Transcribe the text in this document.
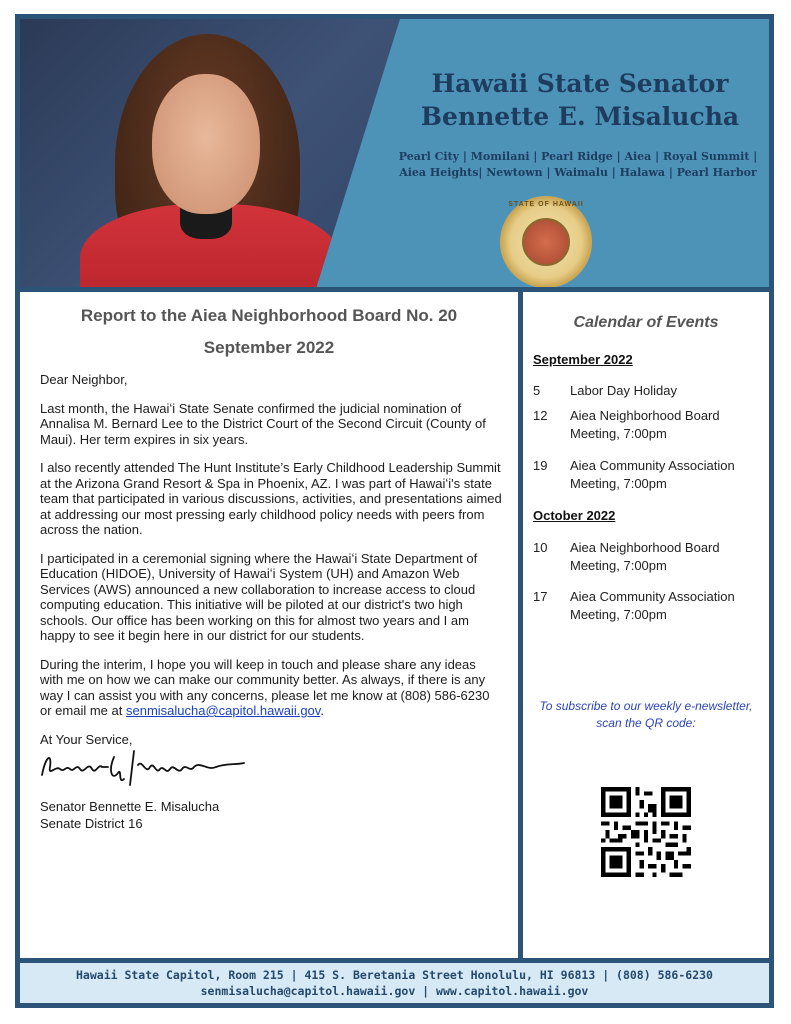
Hawaii State Senator
Bennette E. Misalucha
Pearl City | Momilani | Pearl Ridge | Aiea | Royal Summit |
Aiea Heights| Newtown | Waimalu | Halawa | Pearl Harbor
STATE OF HAWAII
Report to the Aiea Neighborhood Board No. 20
September 2022

Dear Neighbor,

Last month, the Hawaiʻi State Senate confirmed the judicial nomination of Annalisa M. Bernard Lee to the District Court of the Second Circuit (County of Maui). Her term expires in six years.

I also recently attended The Hunt Institute’s Early Childhood Leadership Summit at the Arizona Grand Resort & Spa in Phoenix, AZ. I was part of Hawaiʻi's state team that participated in various discussions, activities, and presentations aimed at addressing our most pressing early childhood policy needs with peers from across the nation.

I participated in a ceremonial signing where the Hawaiʻi State Department of Education (HIDOE), University of Hawaiʻi System (UH) and Amazon Web Services (AWS) announced a new collaboration to increase access to cloud computing education. This initiative will be piloted at our district's two high schools. Our office has been working on this for almost two years and I am happy to see it begin here in our district for our students.

During the interim, I hope you will keep in touch and please share any ideas with me on how we can make our community better. As always, if there is any way I can assist you with any concerns, please let me know at (808) 586-6230 or email me at senmisalucha@capitol.hawaii.gov.

At Your Service,

Senator Bennette E. Misalucha
Senate District 16
Calendar of Events
September 2022
5	Labor Day Holiday
12	Aiea Neighborhood Board Meeting, 7:00pm
19	Aiea Community Association Meeting, 7:00pm
October 2022
10	Aiea Neighborhood Board Meeting, 7:00pm
17	Aiea Community Association Meeting, 7:00pm
To subscribe to our weekly e-newsletter,
scan the QR code:
Hawaii State Capitol, Room 215 | 415 S. Beretania Street Honolulu, HI 96813 | (808) 586-6230
senmisalucha@capitol.hawaii.gov | www.capitol.hawaii.gov
